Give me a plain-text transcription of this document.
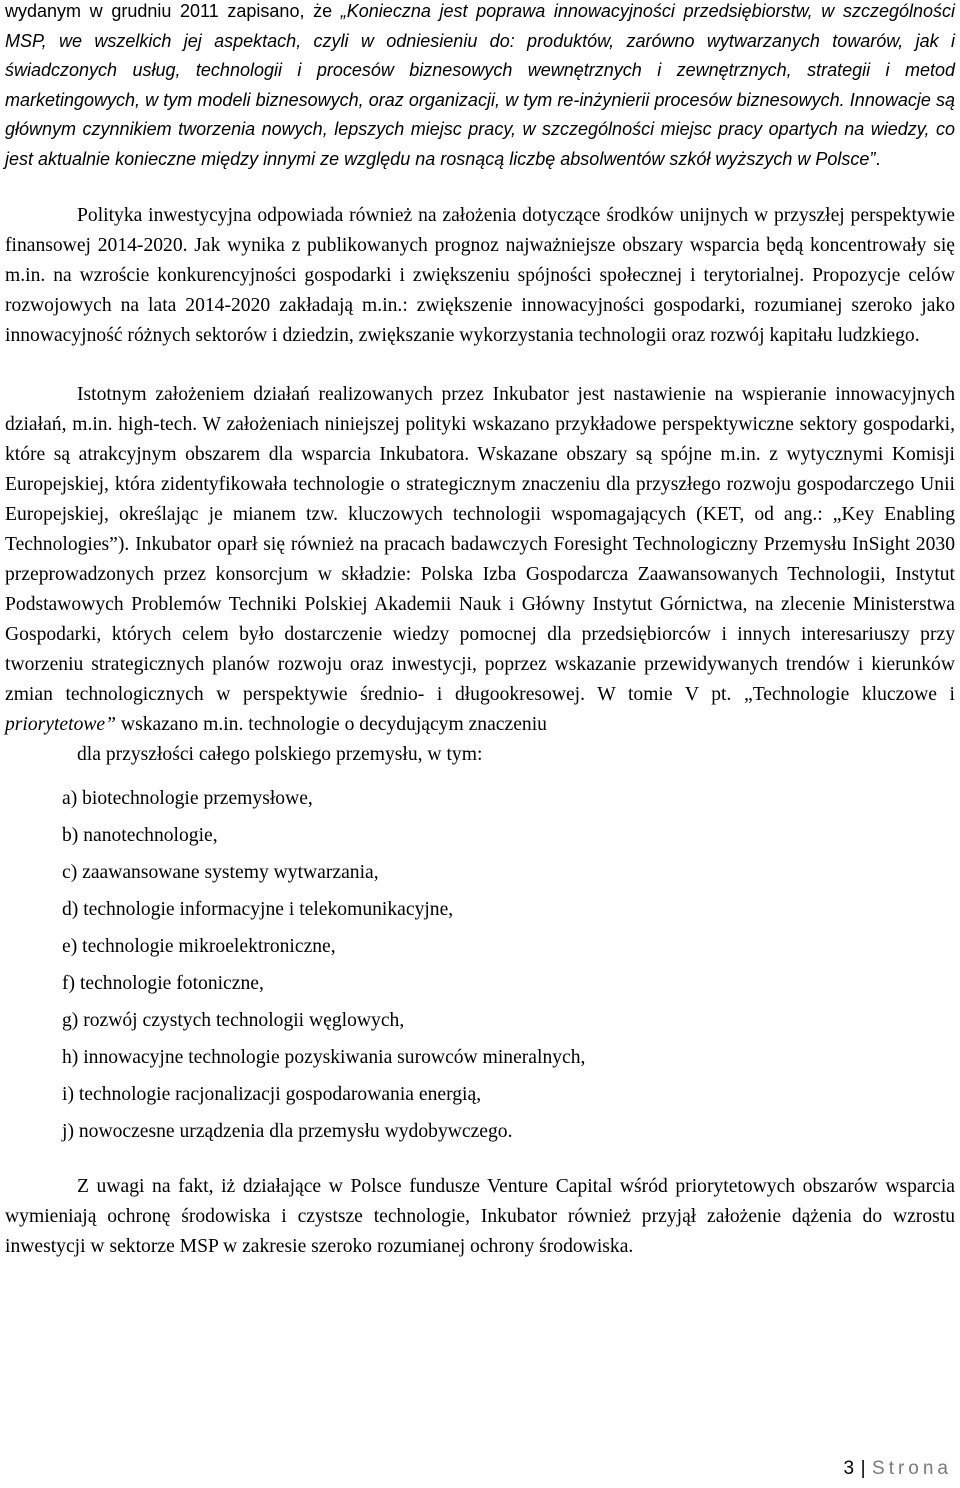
wydanym w grudniu 2011 zapisano, że „Konieczna jest poprawa innowacyjności przedsiębiorstw, w szczególności MSP, we wszelkich jej aspektach, czyli w odniesieniu do: produktów, zarówno wytwarzanych towarów, jak i świadczonych usług, technologii i procesów biznesowych wewnętrznych i zewnętrznych, strategii i metod marketingowych, w tym modeli biznesowych, oraz organizacji, w tym re-inżynierii procesów biznesowych. Innowacje są głównym czynnikiem tworzenia nowych, lepszych miejsc pracy, w szczególności miejsc pracy opartych na wiedzy, co jest aktualnie konieczne między innymi ze względu na rosnącą liczbę absolwentów szkół wyższych w Polsce”.

Polityka inwestycyjna odpowiada również na założenia dotyczące środków unijnych w przyszłej perspektywie finansowej 2014-2020. Jak wynika z publikowanych prognoz najważniejsze obszary wsparcia będą koncentrowały się m.in. na wzroście konkurencyjności gospodarki i zwiększeniu spójności społecznej i terytorialnej. Propozycje celów rozwojowych na lata 2014-2020 zakładają m.in.: zwiększenie innowacyjności gospodarki, rozumianej szeroko jako innowacyjność różnych sektorów i dziedzin, zwiększanie wykorzystania technologii oraz rozwój kapitału ludzkiego.

Istotnym założeniem działań realizowanych przez Inkubator jest nastawienie na wspieranie innowacyjnych działań, m.in. high-tech. W założeniach niniejszej polityki wskazano przykładowe perspektywiczne sektory gospodarki, które są atrakcyjnym obszarem dla wsparcia Inkubatora. Wskazane obszary są spójne m.in. z wytycznymi Komisji Europejskiej, która zidentyfikowała technologie o strategicznym znaczeniu dla przyszłego rozwoju gospodarczego Unii Europejskiej, określając je mianem tzw. kluczowych technologii wspomagających (KET, od ang.: „Key Enabling Technologies”). Inkubator oparł się również na pracach badawczych Foresight Technologiczny Przemysłu InSight 2030 przeprowadzonych przez konsorcjum w składzie: Polska Izba Gospodarcza Zaawansowanych Technologii, Instytut Podstawowych Problemów Techniki Polskiej Akademii Nauk i Główny Instytut Górnictwa, na zlecenie Ministerstwa Gospodarki, których celem było dostarczenie wiedzy pomocnej dla przedsiębiorców i innych interesariuszy przy tworzeniu strategicznych planów rozwoju oraz inwestycji, poprzez wskazanie przewidywanych trendów i kierunków zmian technologicznych w perspektywie średnio- i długookresowej. W tomie V pt. „Technologie kluczowe i priorytetowe” wskazano m.in. technologie o decydującym znaczeniu
dla przyszłości całego polskiego przemysłu, w tym:

a) biotechnologie przemysłowe,
b) nanotechnologie,
c) zaawansowane systemy wytwarzania,
d) technologie informacyjne i telekomunikacyjne,
e) technologie mikroelektroniczne,
f) technologie fotoniczne,
g) rozwój czystych technologii węglowych,
h) innowacyjne technologie pozyskiwania surowców mineralnych,
i) technologie racjonalizacji gospodarowania energią,
j) nowoczesne urządzenia dla przemysłu wydobywczego.

Z uwagi na fakt, iż działające w Polsce fundusze Venture Capital wśród priorytetowych obszarów wsparcia wymieniają ochronę środowiska i czystsze technologie, Inkubator również przyjął założenie dążenia do wzrostu inwestycji w sektorze MSP w zakresie szeroko rozumianej ochrony środowiska.

3 | Strona
